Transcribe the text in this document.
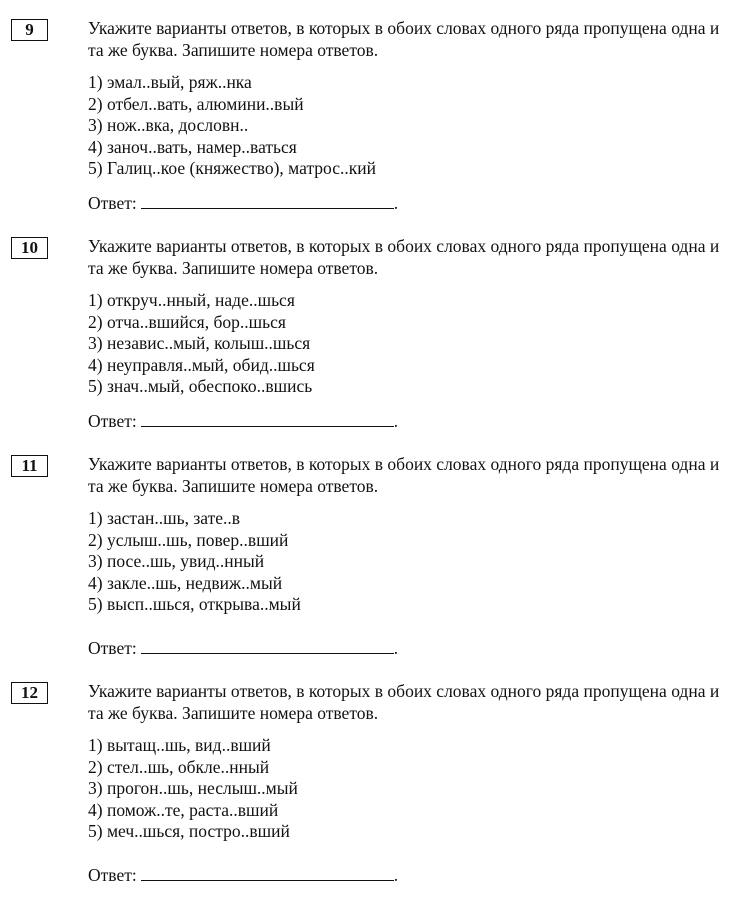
9	Укажите варианты ответов, в которых в обоих словах одного ряда пропущена одна и та же буква. Запишите номера ответов.

1) эмал..вый, ряж..нка
2) отбел..вать, алюмини..вый
3) нож..вка, дословн..
4) заноч..вать, намер..ваться
5) Галиц..кое (княжество), матрос..кий
Ответ:	.
10	Укажите варианты ответов, в которых в обоих словах одного ряда пропущена одна и та же буква. Запишите номера ответов.

1) откруч..нный, наде..шься
2) отча..вшийся, бор..шься
3) независ..мый, колыш..шься
4) неуправля..мый, обид..шься
5) знач..мый, обеспоко..вшись
Ответ:	.
11	Укажите варианты ответов, в которых в обоих словах одного ряда пропущена одна и та же буква. Запишите номера ответов.

1) застан..шь, зате..в
2) услыш..шь, повер..вший
3) посе..шь, увид..нный
4) закле..шь, недвиж..мый
5) высп..шься, открыва..мый
Ответ:	.
12	Укажите варианты ответов, в которых в обоих словах одного ряда пропущена одна и та же буква. Запишите номера ответов.

1) вытащ..шь, вид..вший
2) стел..шь, обкле..нный
3) прогон..шь, неслыш..мый
4) помож..те, раста..вший
5) меч..шься, постро..вший
Ответ:	.
